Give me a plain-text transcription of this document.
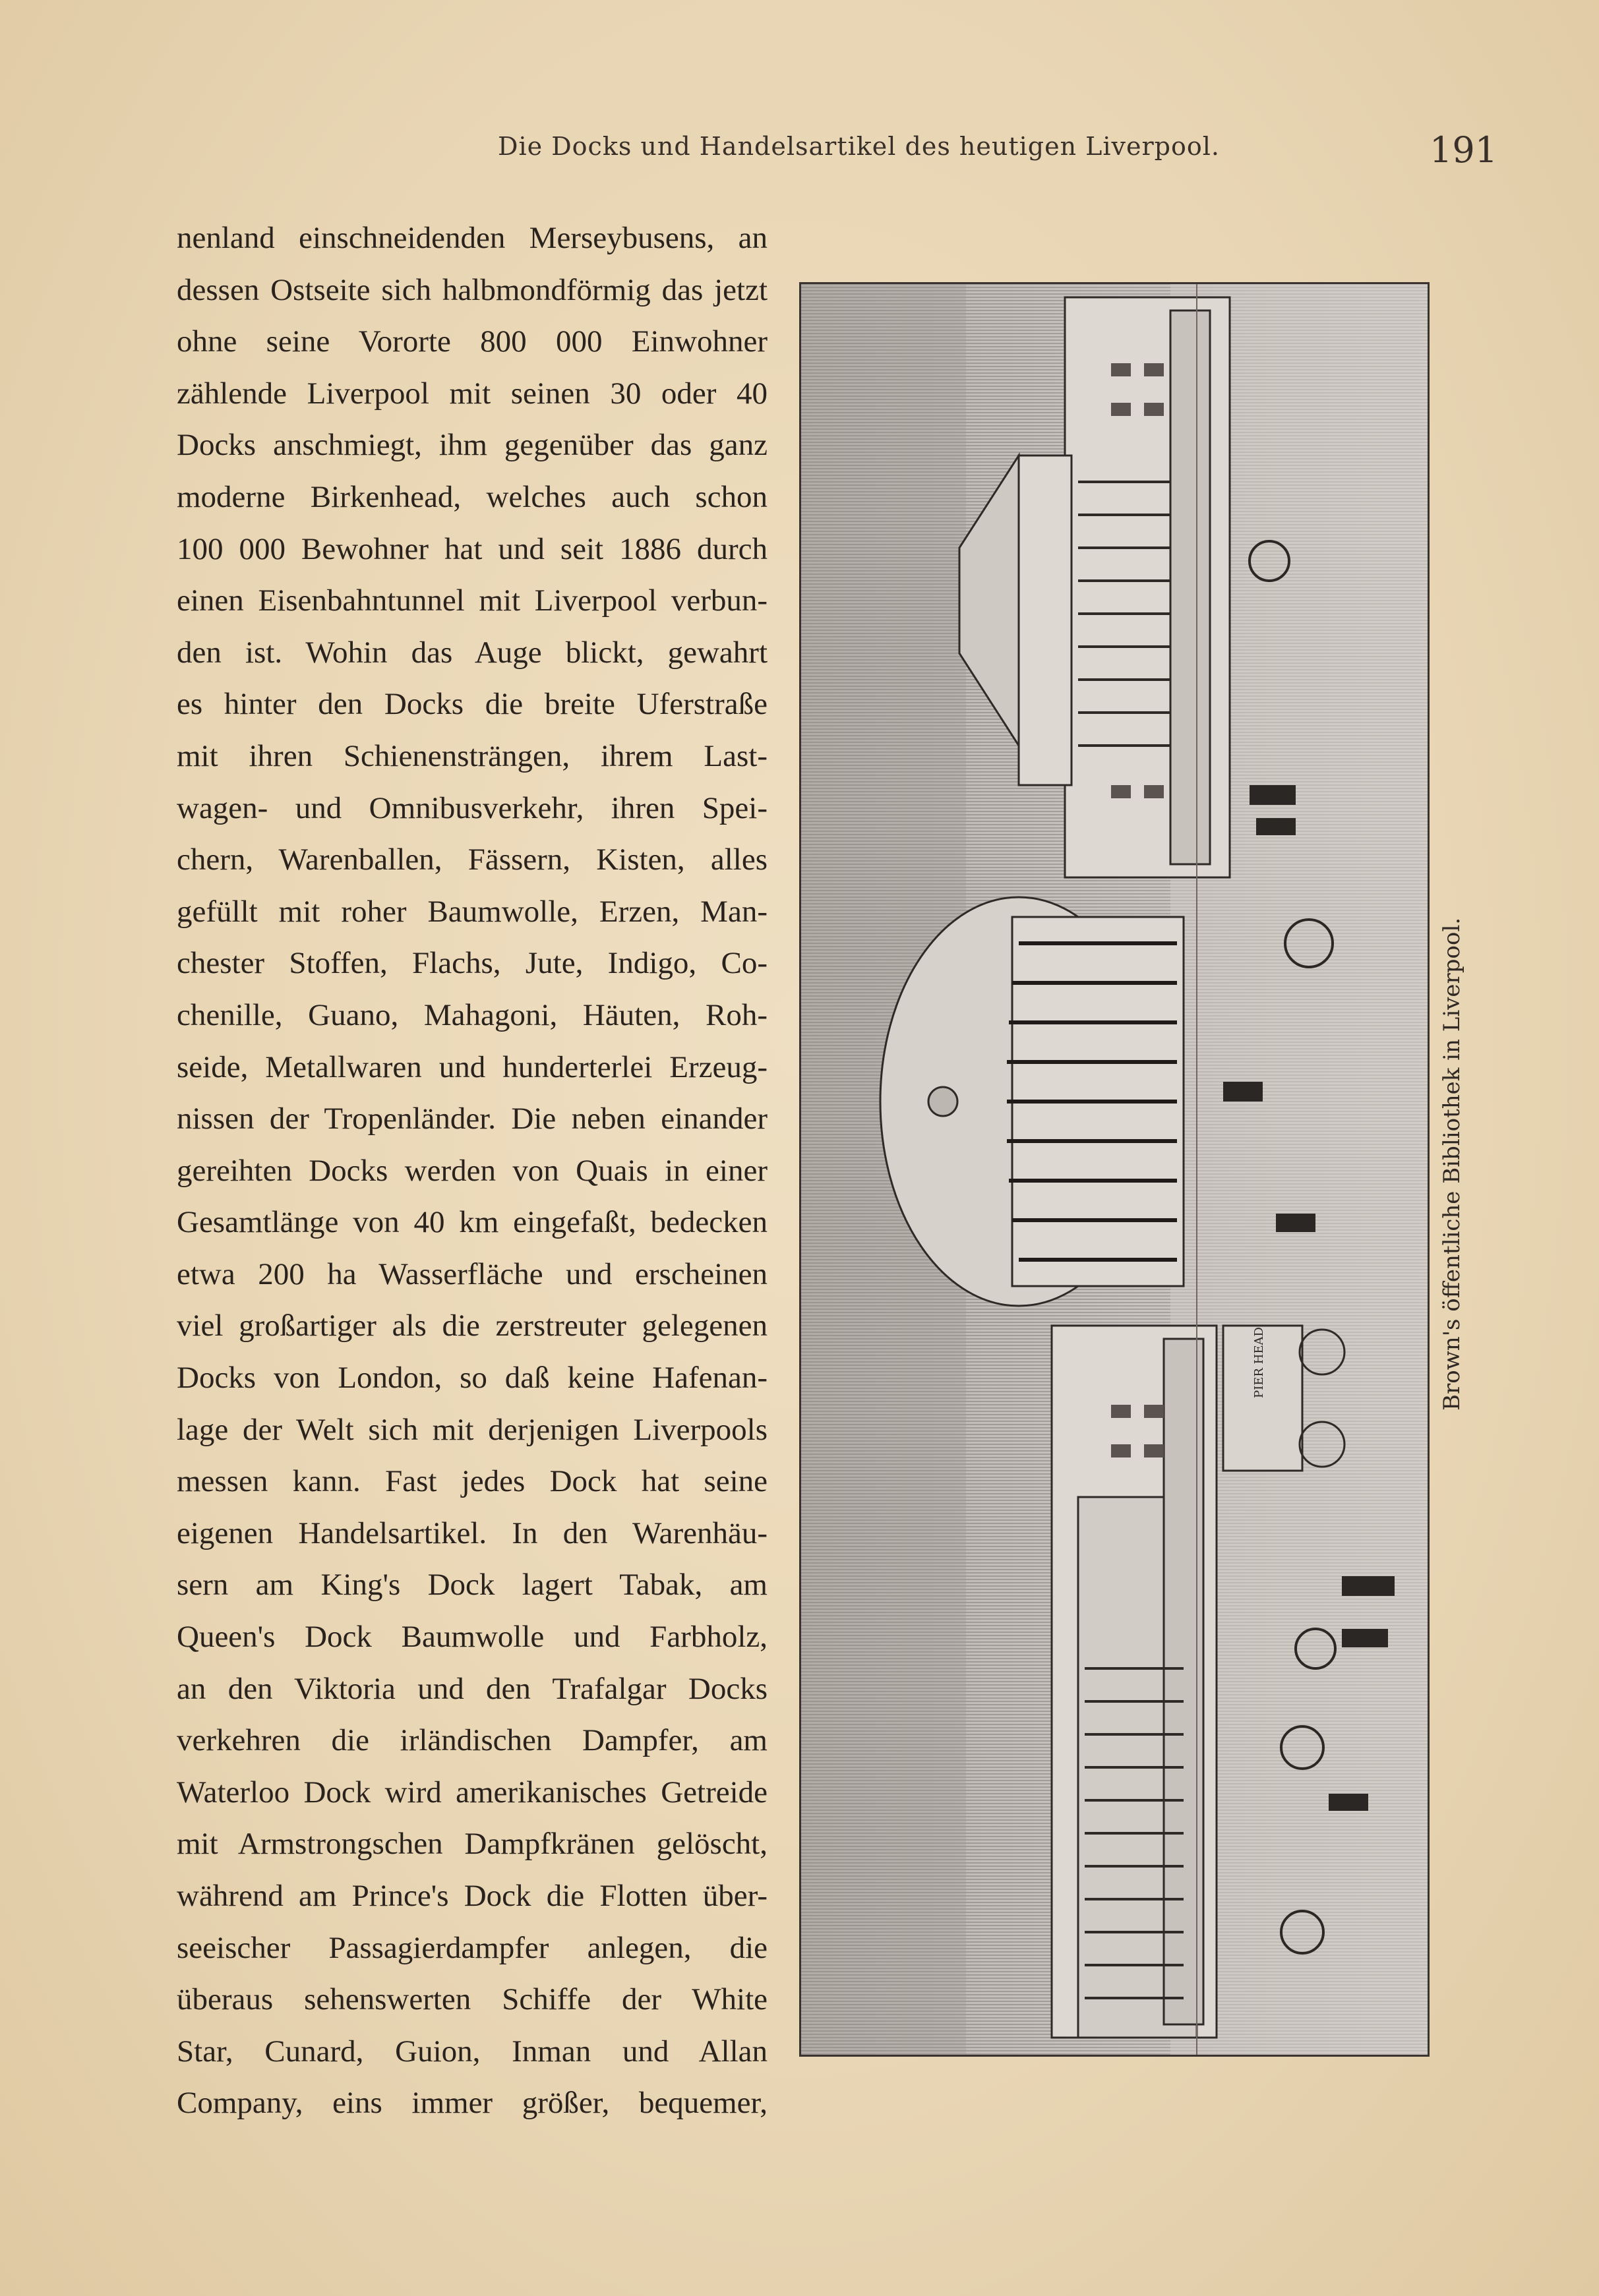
Die Docks und Handelsartikel des heutigen Liverpool.	191
nenland einschneidenden Merseybusens, an
dessen Ostseite sich halbmondförmig das jetzt
ohne seine Vororte 800 000 Einwohner
zählende Liverpool mit seinen 30 oder 40
Docks anschmiegt, ihm gegenüber das ganz
moderne Birkenhead, welches auch schon
100 000 Bewohner hat und seit 1886 durch
einen Eisenbahntunnel mit Liverpool verbun-
den ist. Wohin das Auge blickt, gewahrt
es hinter den Docks die breite Uferstraße
mit ihren Schienensträngen, ihrem Last-
wagen- und Omnibusverkehr, ihren Spei-
chern, Warenballen, Fässern, Kisten, alles
gefüllt mit roher Baumwolle, Erzen, Man-
chester Stoffen, Flachs, Jute, Indigo, Co-
chenille, Guano, Mahagoni, Häuten, Roh-
seide, Metallwaren und hunderterlei Erzeug-
nissen der Tropenländer. Die neben einander
gereihten Docks werden von Quais in einer
Gesamtlänge von 40 km eingefaßt, bedecken
etwa 200 ha Wasserfläche und erscheinen
viel großartiger als die zerstreuter gelegenen
Docks von London, so daß keine Hafenan-
lage der Welt sich mit derjenigen Liverpools
messen kann. Fast jedes Dock hat seine
eigenen Handelsartikel. In den Warenhäu-
sern am King's Dock lagert Tabak, am
Queen's Dock Baumwolle und Farbholz,
an den Viktoria und den Trafalgar Docks
verkehren die irländischen Dampfer, am
Waterloo Dock wird amerikanisches Getreide
mit Armstrongschen Dampfkränen gelöscht,
während am Prince's Dock die Flotten über-
seeischer Passagierdampfer anlegen, die
überaus sehenswerten Schiffe der White
Star, Cunard, Guion, Inman und Allan
Company, eins immer größer, bequemer,
PIER HEAD	Brown's öffentliche Bibliothek in Liverpool.
